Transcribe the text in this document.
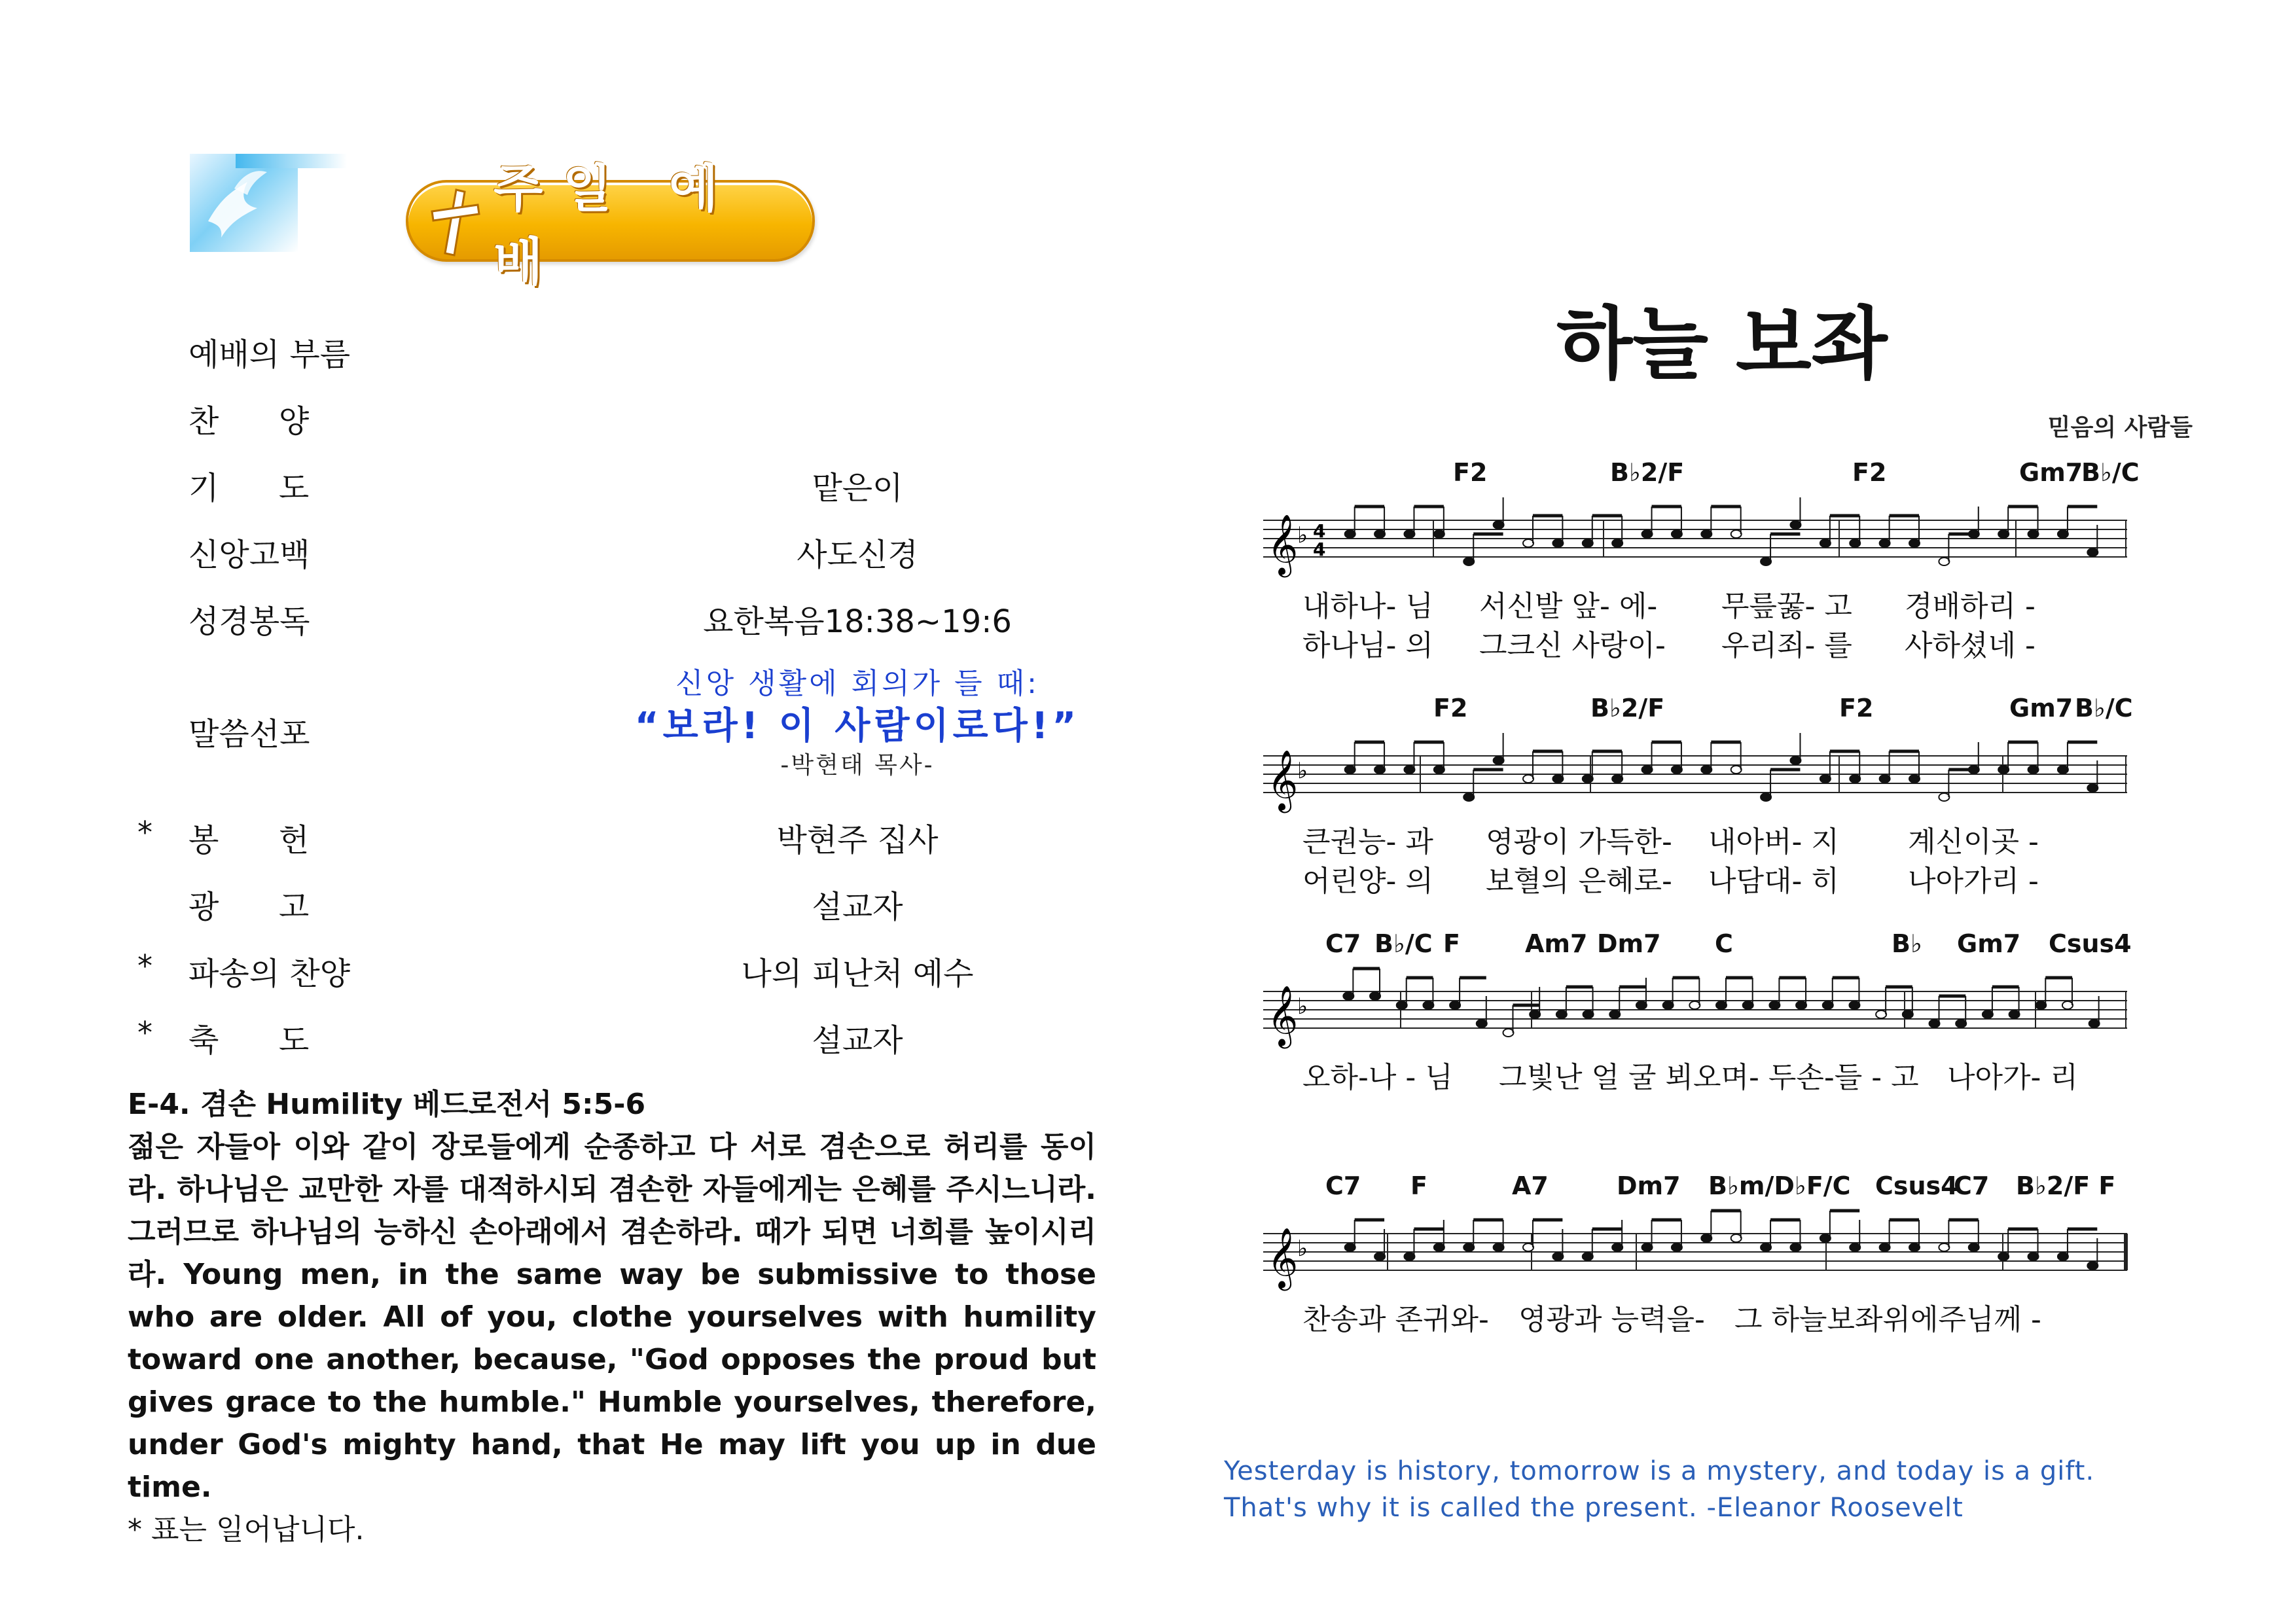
주일 예배
예배의 부름
찬      양
기      도	맡은이
신앙고백	사도신경
성경봉독	요한복음18:38~19:6
말씀선포
* 봉      헌	박현주 집사
광      고	설교자
* 파송의 찬양	나의 피난처 예수
* 축      도	설교자
신앙 생활에 회의가 들 때:
“보라! 이 사람이로다!”
-박현태 목사-
E-4. 겸손 Humility 베드로전서 5:5-6
젊은 자들아 이와 같이 장로들에게 순종하고 다 서로 겸손으로 허리를 동이라. 하나님은 교만한 자를 대적하시되 겸손한 자들에게는 은혜를 주시느니라. 그러므로 하나님의 능하신 손아래에서 겸손하라. 때가 되면 너희를 높이시리라. Young men, in the same way be submissive to those who are older. All of you, clothe yourselves with humility toward one another, because, "God opposes the proud but gives grace to the humble." Humble yourselves, therefore, under God's mighty hand, that He may lift you up in due time.
* 표는 일어납니다.
하늘 보좌
믿음의 사람들
F2	B♭2/F	F2	Gm7
B♭/C
𝄞
♭ 4
4
내하나- 님 서신발 앞- 에- 무릎꿇- 고 경배하리 -
하나님- 의 그크신 사랑이- 우리죄- 를 사하셨네 -
F2	B♭2/F	F2	Gm7 B♭/C
𝄞
♭
큰권능- 과 영광이 가득한- 내아버- 지 계신이곳 -
어린양- 의 보혈의 은혜로- 나담대- 히 나아가리 -
C7 B♭/C F	Am7 Dm7 C	B♭ Gm7 Csus4
𝄞
♭
오하-나 - 님 그빛난 얼 굴 뵈오며- 두손-들 - 고 나아가- 리
C7 F	A7	Dm7 B♭m/D♭F/C Csus4
C7 B♭2/F F
𝄞
♭
찬송과 존귀와- 영광과 능력을- 그 하늘보좌위에주님께 -
Yesterday is history, tomorrow is a mystery, and today is a gift.
That's why it is called the present. -Eleanor Roosevelt
